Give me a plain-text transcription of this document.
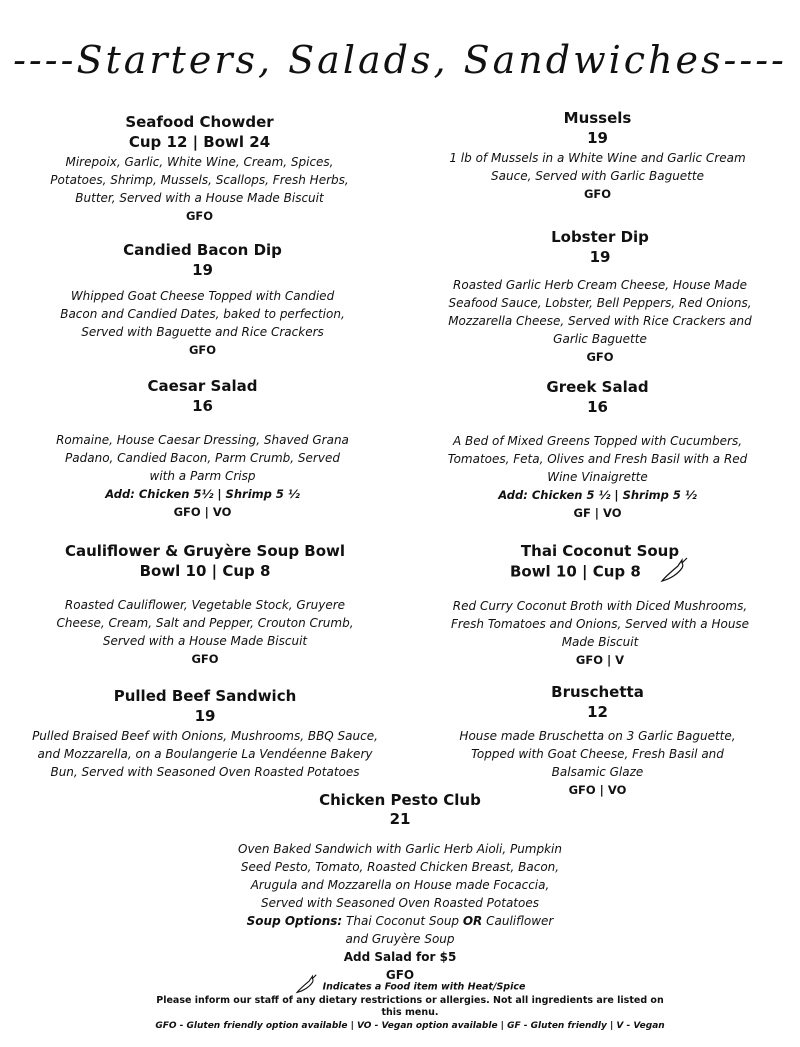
----Starters, Salads, Sandwiches----

Seafood Chowder

Cup 12 | Bowl 24

Mirepoix, Garlic, White Wine, Cream, Spices,

Potatoes, Shrimp, Mussels, Scallops, Fresh Herbs,

Butter, Served with a House Made Biscuit

GFO

Mussels

19

1 lb of Mussels in a White Wine and Garlic Cream

Sauce, Served with Garlic Baguette

GFO

Candied Bacon Dip

19

Whipped Goat Cheese Topped with Candied

Bacon and Candied Dates, baked to perfection,

Served with Baguette and Rice Crackers

GFO

Lobster Dip

19

Roasted Garlic Herb Cream Cheese, House Made

Seafood Sauce, Lobster, Bell Peppers, Red Onions,

Mozzarella Cheese, Served with Rice Crackers and

Garlic Baguette

GFO

Caesar Salad

16

Romaine, House Caesar Dressing, Shaved Grana

Padano, Candied Bacon, Parm Crumb, Served

with a Parm Crisp

Add: Chicken 5½ | Shrimp 5 ½

GFO | VO

Greek Salad

16

A Bed of Mixed Greens Topped with Cucumbers,

Tomatoes, Feta, Olives and Fresh Basil with a Red

Wine Vinaigrette

Add: Chicken 5 ½ | Shrimp 5 ½

GF | VO

Cauliflower & Gruyère Soup Bowl

Bowl 10 | Cup 8

Roasted Cauliflower, Vegetable Stock, Gruyere

Cheese, Cream, Salt and Pepper, Crouton Crumb,

Served with a House Made Biscuit

GFO

Thai Coconut Soup

Bowl 10 | Cup 8

Red Curry Coconut Broth with Diced Mushrooms,

Fresh Tomatoes and Onions, Served with a House

Made Biscuit

GFO | V

Pulled Beef Sandwich

19

Pulled Braised Beef with Onions, Mushrooms, BBQ Sauce,

and Mozzarella, on a Boulangerie La Vendéenne Bakery

Bun, Served with Seasoned Oven Roasted Potatoes

Bruschetta

12

House made Bruschetta on 3 Garlic Baguette,

Topped with Goat Cheese, Fresh Basil and

Balsamic Glaze

GFO | VO

Chicken Pesto Club

21

Oven Baked Sandwich with Garlic Herb Aioli, Pumpkin

Seed Pesto, Tomato, Roasted Chicken Breast, Bacon,

Arugula and Mozzarella on House made Focaccia,

Served with Seasoned Oven Roasted Potatoes

Soup Options: Thai Coconut Soup OR Cauliflower

and Gruyère Soup

Add Salad for $5

GFO

Indicates a Food item with Heat/Spice
Please inform our staff of any dietary restrictions or allergies. Not all ingredients are listed on this menu.
GFO - Gluten friendly option available | VO - Vegan option available | GF - Gluten friendly | V - Vegan
